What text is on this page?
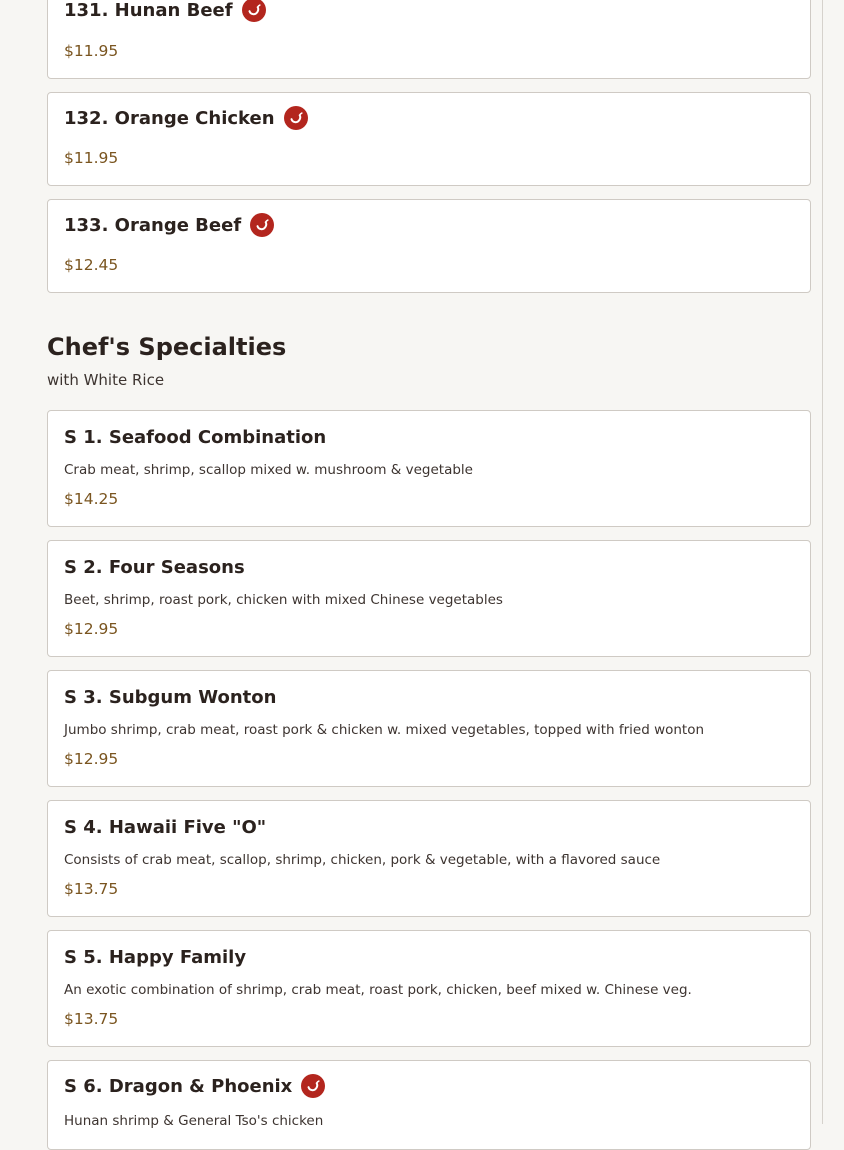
131. Hunan Beef
$11.95
132. Orange Chicken
$11.95
133. Orange Beef
$12.45
Chef's Specialties
with White Rice
S 1. Seafood Combination
Crab meat, shrimp, scallop mixed w. mushroom & vegetable
$14.25
S 2. Four Seasons
Beet, shrimp, roast pork, chicken with mixed Chinese vegetables
$12.95
S 3. Subgum Wonton
Jumbo shrimp, crab meat, roast pork & chicken w. mixed vegetables, topped with fried wonton
$12.95
S 4. Hawaii Five "O"
Consists of crab meat, scallop, shrimp, chicken, pork & vegetable, with a flavored sauce
$13.75
S 5. Happy Family
An exotic combination of shrimp, crab meat, roast pork, chicken, beef mixed w. Chinese veg.
$13.75
S 6. Dragon & Phoenix
Hunan shrimp & General Tso's chicken
